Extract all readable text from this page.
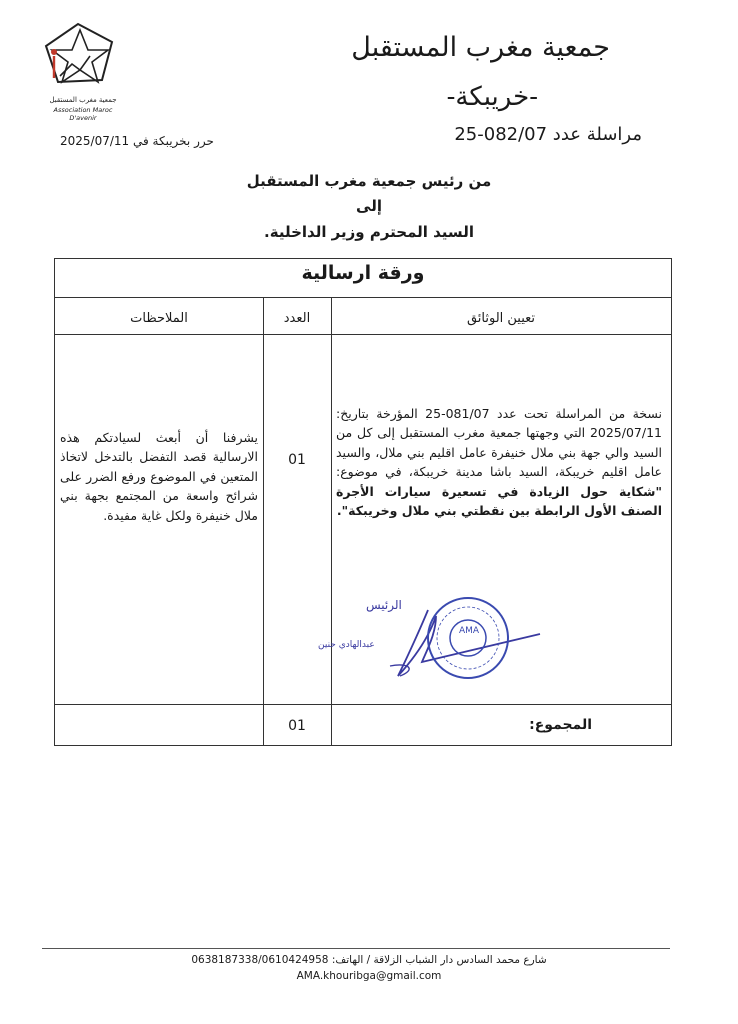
جمعية مغرب المستقبل
-خريبكة-
جمعية مغرب المستقبل
Association Maroc D'avenir
مراسلة عدد 082/07-25
حرر بخريبكة في 2025/07/11
من رئيس جمعية مغرب المستقبل
إلى
السيد المحترم وزير الداخلية.
ورقة ارسالية
تعيين الوثائق
العدد
الملاحظات
نسخة من المراسلة تحت عدد 081/07-25 المؤرخة بتاريخ: 2025/07/11 التي وجهتها جمعية مغرب المستقبل إلى كل من السيد والي جهة بني ملال خنيفرة عامل اقليم بني ملال، والسيد عامل اقليم خريبكة، السيد باشا مدينة خريبكة، في موضوع: "شكاية حول الزيادة في تسعيرة سيارات الأجرة الصنف الأول الرابطة بين نقطتي بني ملال وخريبكة".
01
يشرفنا أن أبعث لسيادتكم هذه الارسالية قصد التفضل بالتدخل لاتخاذ المتعين في الموضوع ورفع الضرر على شرائح واسعة من المجتمع بجهة بني ملال خنيفرة ولكل غاية مفيدة.
الرئيس
عبدالهادي حنين
AMA
المجموع:
01
شارع محمد السادس دار الشباب الزلاقة / الهاتف: 0638187338/0610424958
AMA.khouribga@gmail.com
